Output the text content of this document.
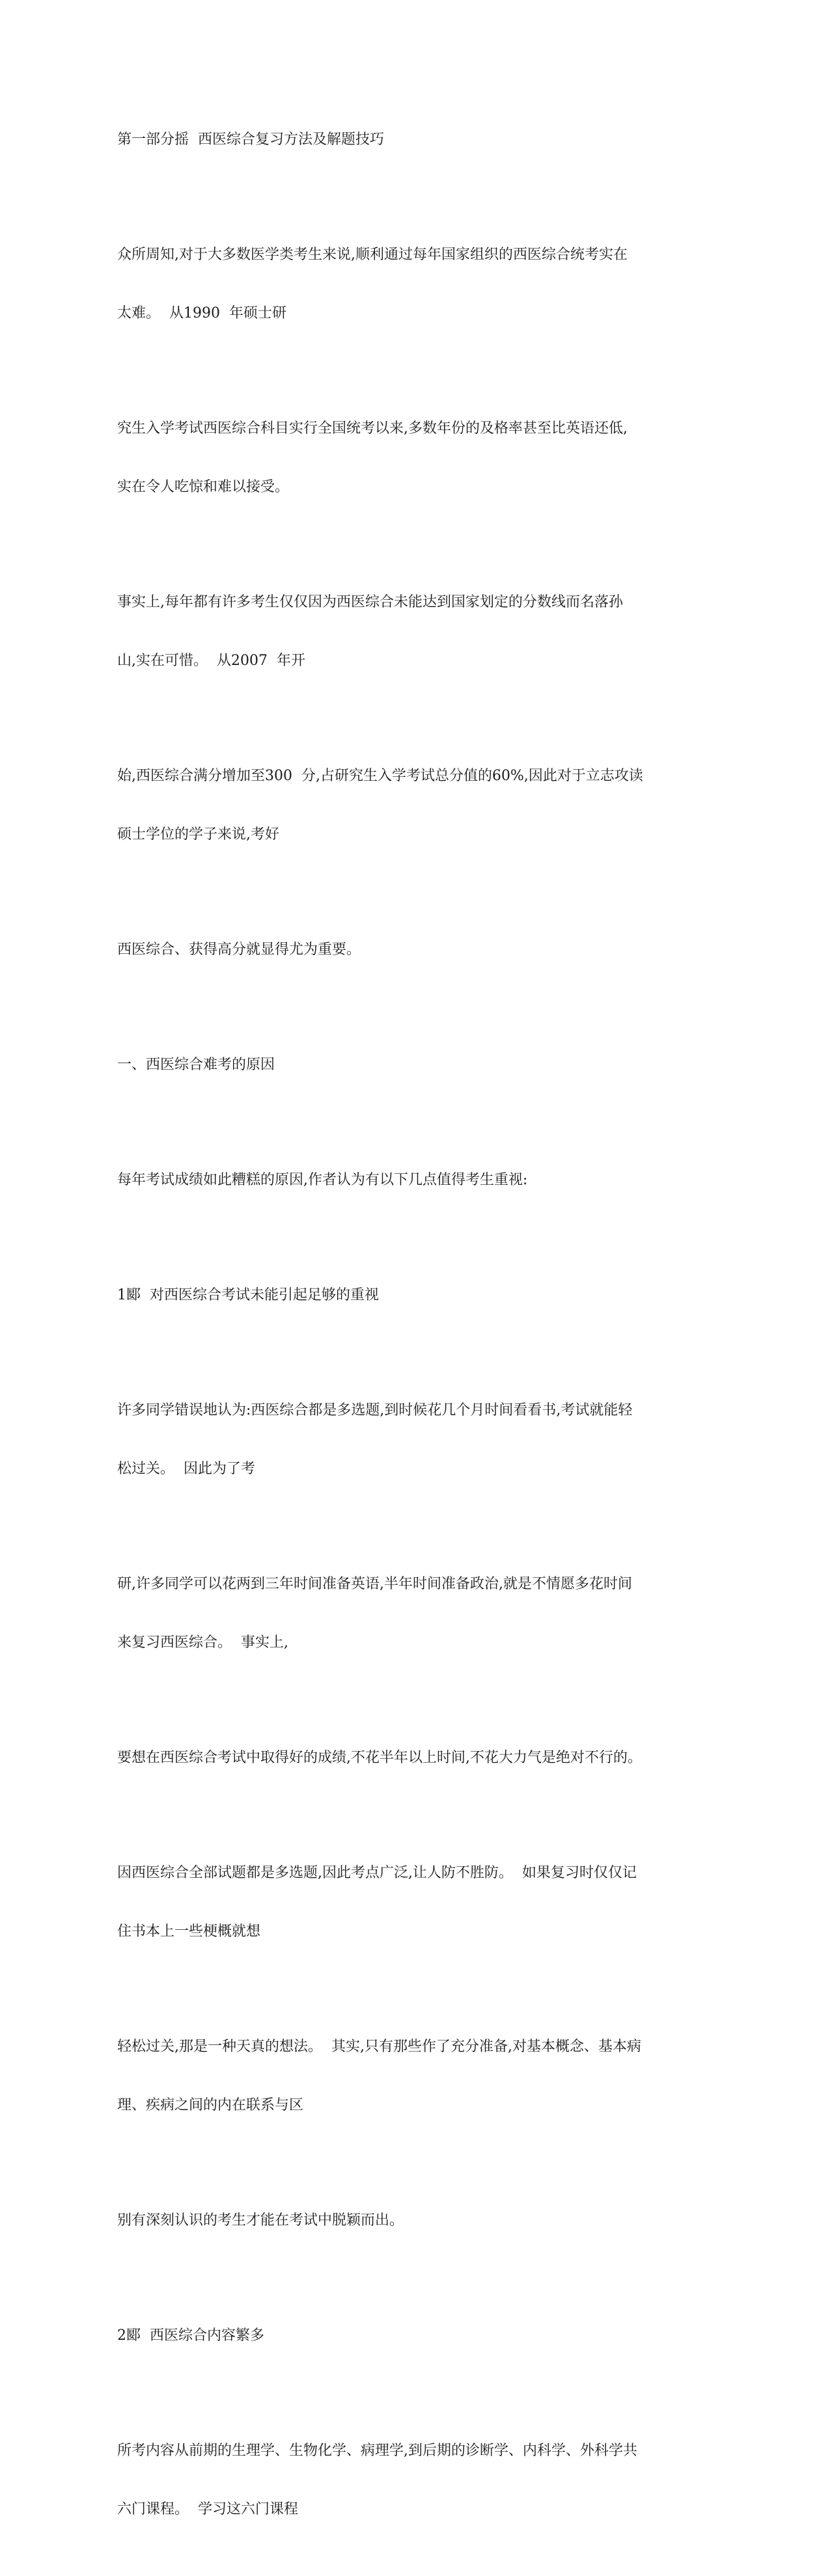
第一部分摇  西医综合复习方法及解题技巧

众所周知,对于大多数医学类考生来说,顺利通过每年国家组织的西医综合统考实在

太难。  从1990  年硕士研

究生入学考试西医综合科目实行全国统考以来,多数年份的及格率甚至比英语还低,

实在令人吃惊和难以接受。

事实上,每年都有许多考生仅仅因为西医综合未能达到国家划定的分数线而名落孙

山,实在可惜。  从2007  年开

始,西医综合满分增加至300  分,占研究生入学考试总分值的60%,因此对于立志攻读

硕士学位的学子来说,考好

西医综合、获得高分就显得尤为重要。

一、西医综合难考的原因

每年考试成绩如此糟糕的原因,作者认为有以下几点值得考生重视:

1郾  对西医综合考试未能引起足够的重视

许多同学错误地认为:西医综合都是多选题,到时候花几个月时间看看书,考试就能轻

松过关。  因此为了考

研,许多同学可以花两到三年时间准备英语,半年时间准备政治,就是不情愿多花时间

来复习西医综合。  事实上,

要想在西医综合考试中取得好的成绩,不花半年以上时间,不花大力气是绝对不行的。

因西医综合全部试题都是多选题,因此考点广泛,让人防不胜防。  如果复习时仅仅记

住书本上一些梗概就想

轻松过关,那是一种天真的想法。  其实,只有那些作了充分准备,对基本概念、基本病

理、疾病之间的内在联系与区

别有深刻认识的考生才能在考试中脱颖而出。

2郾  西医综合内容繁多

所考内容从前期的生理学、生物化学、病理学,到后期的诊断学、内科学、外科学共

六门课程。  学习这六门课程
